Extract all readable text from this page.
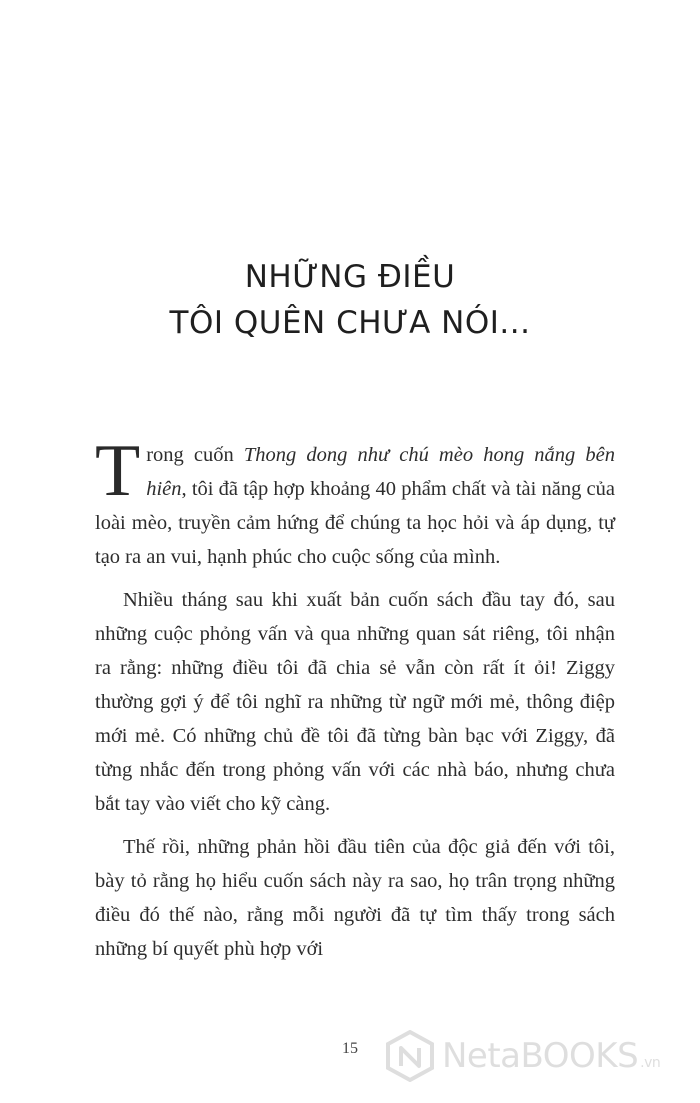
NHỮNG ĐIỀU
TÔI QUÊN CHƯA NÓI...

Trong cuốn Thong dong như chú mèo hong nắng bên hiên, tôi đã tập hợp khoảng 40 phẩm chất và tài năng của loài mèo, truyền cảm hứng để chúng ta học hỏi và áp dụng, tự tạo ra an vui, hạnh phúc cho cuộc sống của mình.

Nhiều tháng sau khi xuất bản cuốn sách đầu tay đó, sau những cuộc phỏng vấn và qua những quan sát riêng, tôi nhận ra rằng: những điều tôi đã chia sẻ vẫn còn rất ít ỏi! Ziggy thường gợi ý để tôi nghĩ ra những từ ngữ mới mẻ, thông điệp mới mẻ. Có những chủ đề tôi đã từng bàn bạc với Ziggy, đã từng nhắc đến trong phỏng vấn với các nhà báo, nhưng chưa bắt tay vào viết cho kỹ càng.

Thế rồi, những phản hồi đầu tiên của độc giả đến với tôi, bày tỏ rằng họ hiểu cuốn sách này ra sao, họ trân trọng những điều đó thế nào, rằng mỗi người đã tự tìm thấy trong sách những bí quyết phù hợp với

15	NetaBOOKS .vn
